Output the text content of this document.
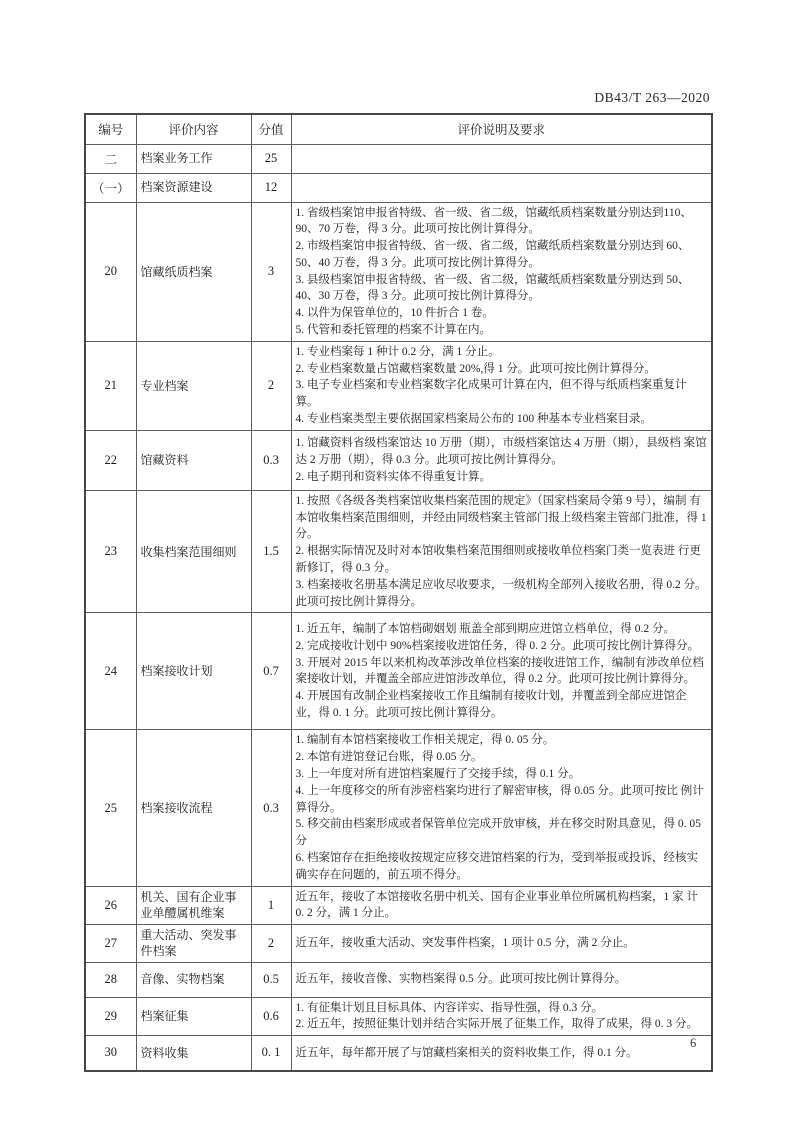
DB43/T 263—2020
编号	评价内容	分值	评价说明及要求
二	档案业务工作	25	
（一）	档案资源建设	12	
20	馆藏纸质档案	3	1. 省级档案馆申报省特级、省一级、省二级，馆藏纸质档案数量分别达到110、 90、70 万卷，得 3 分。此项可按比例计算得分。
2. 市级档案馆申报省特级、省一级、省二级，馆藏纸质档案数量分别达到 60、 50、40 万卷，得 3 分。此项可按比例计算得分。
3. 县级档案馆申报省特级、省一级、省二级，馆藏纸质档案数量分别达到 50、 40、30 万卷，得 3 分。此项可按比例计算得分。
4. 以件为保管单位的，10 件折合 1 卷。
5. 代管和委托管理的档案不计算在内。

21	专业档案	2	1. 专业档案每 1 种计 0.2 分，满 1 分止。
2. 专业档案数量占馆藏档案数量 20%,得 1 分。此项可按比例计算得分。
3. 电子专业档案和专业档案数字化成果可计算在内，但不得与纸质档案重复计 算。
4. 专业档案类型主要依据国家档案局公布的 100 种基本专业档案目录。

22	馆藏资料	0.3	1. 馆藏资料省级档案馆达 10 万册（期），市级档案馆达 4 万册（期），县级档 案馆达 2 万册（期），得 0.3 分。此项可按比例计算得分。
2. 电子期刊和资料实体不得重复计算。

23	收集档案范围细则	1.5	1. 按照《各级各类档案馆收集档案范围的规定》（国家档案局令第 9 号），编制 有本馆收集档案范围细则，并经由同级档案主管部门报上级档案主管部门批准，得 1 分。
2. 根据实际情况及时对本馆收集档案范围细则或接收单位档案门类一览表进 行更新修订，得 0.3 分。
3. 档案接收名册基本满足应收尽收要求，一级机构全部列入接收名册，得 0.2 分。此项可按比例计算得分。

24	档案接收计划	0.7	1. 近五年，编制了本馆档砌姻划 瓶盖全部到期应进馆立档单位，得 0.2 分。
2. 完成接收计划中 90%档案接收进馆任务，得 0. 2 分。此项可按比例计算得分。
3. 开展对 2015 年以来机构改革涉改单位档案的接收进馆工作，编制有涉改单位档案接收计划，并覆盖全部应进馆涉改单位，得 0.2 分。此项可按比例计算得分。
4. 开展国有改制企业档案接收工作且编制有接收计划，并覆盖到全部应进馆企 业，得 0. 1 分。此项可按比例计算得分。

25	档案接收流程	0.3	
1. 编制有本馆档案接收工作相关规定，得 0. 05 分。
2. 本馆有进馆登记台账，得 0.05 分。
3. 上一年度对所有进馆档案履行了交接手续，得 0.1 分。
4. 上一年度移交的所有涉密档案均进行了解密审核，得 0.05 分。此项可按比 例计算得分。
5. 移交前由档案形成或者保管单位完成开放审核，并在移交时附具意见，得 0. 05 分
6. 档案馆存在拒绝接收按规定应移交进馆档案的行为，受到举报或投诉，经核实确实存在问题的，前五项不得分。

26	机关、国有企业事业单醴属机维案	1	近五年，接收了本馆接收名册中机关、国有企业事业单位所属机构档案，1 家 计 0. 2 分，满 1 分止。

27	重大活动、突发事件档案	2	近五年，接收重大活动、突发事件档案，1 项计 0.5 分，满 2 分止。

28	音像、实物档案	0.5	近五年，接收音像、实物档案得 0.5 分。此项可按比例计算得分。

29	档案征集	0.6	1. 有征集计划且目标具体、内容详实、指导性强，得 0.3 分。
2. 近五年，按照征集计划并结合实际开展了征集工作，取得了成果，得 0. 3 分。

30	资料收集	0. 1	近五年，每年都开展了与馆藏档案相关的资料收集工作，得 0.1 分。
6
